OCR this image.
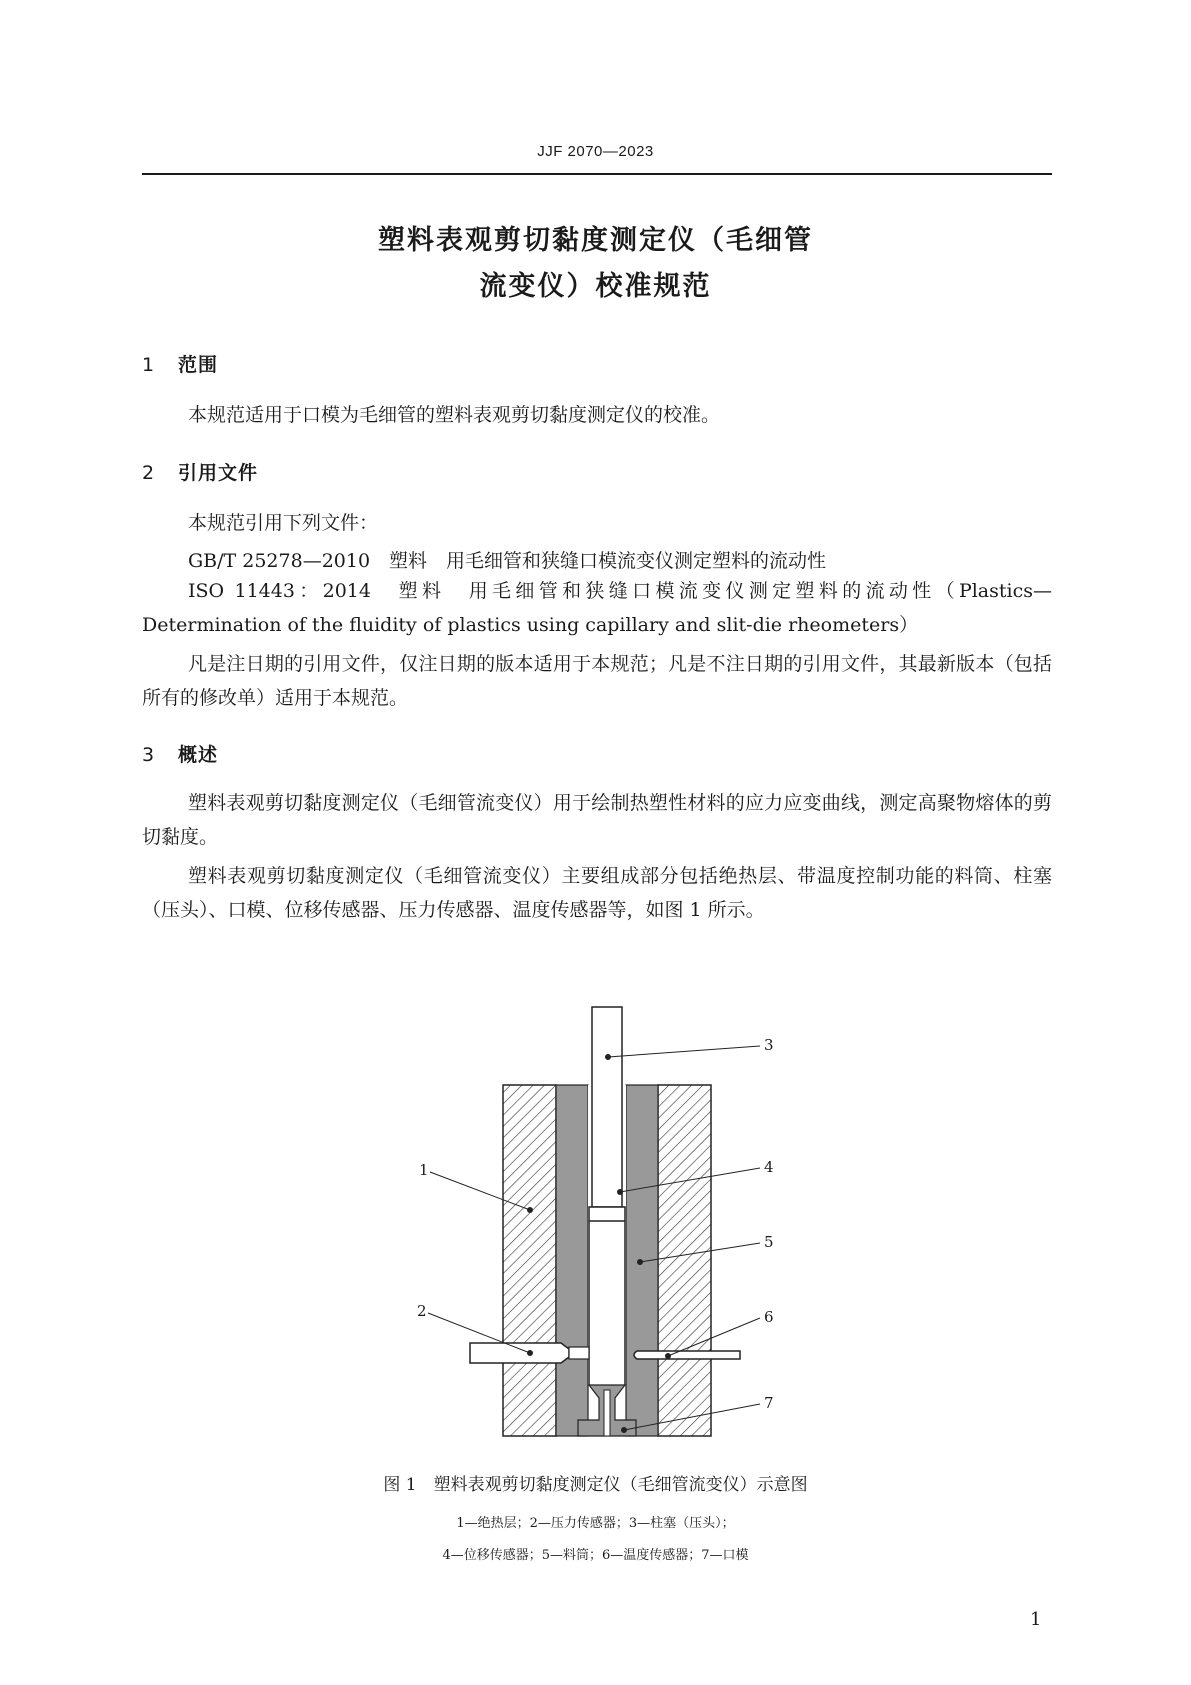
JJF 2070—2023
塑料表观剪切黏度测定仪（毛细管
流变仪）校准规范
1 范围
本规范适用于口模为毛细管的塑料表观剪切黏度测定仪的校准。
2 引用文件
本规范引用下列文件：
GB/T 25278—2010　塑料　用毛细管和狭缝口模流变仪测定塑料的流动性
ISO 11443：2014　塑料　用毛细管和狭缝口模流变仪测定塑料的流动性（Plastics—Determination of the fluidity of plastics using capillary and slit-die rheometers）
凡是注日期的引用文件，仅注日期的版本适用于本规范；凡是不注日期的引用文件，其最新版本（包括所有的修改单）适用于本规范。
3 概述
塑料表观剪切黏度测定仪（毛细管流变仪）用于绘制热塑性材料的应力应变曲线，测定高聚物熔体的剪切黏度。
塑料表观剪切黏度测定仪（毛细管流变仪）主要组成部分包括绝热层、带温度控制功能的料筒、柱塞（压头）、口模、位移传感器、压力传感器、温度传感器等，如图 1 所示。
1
2
3
4
5
6
7
图 1　塑料表观剪切黏度测定仪（毛细管流变仪）示意图
1—绝热层；2—压力传感器；3—柱塞（压头）；
4—位移传感器；5—料筒；6—温度传感器；7—口模
1
